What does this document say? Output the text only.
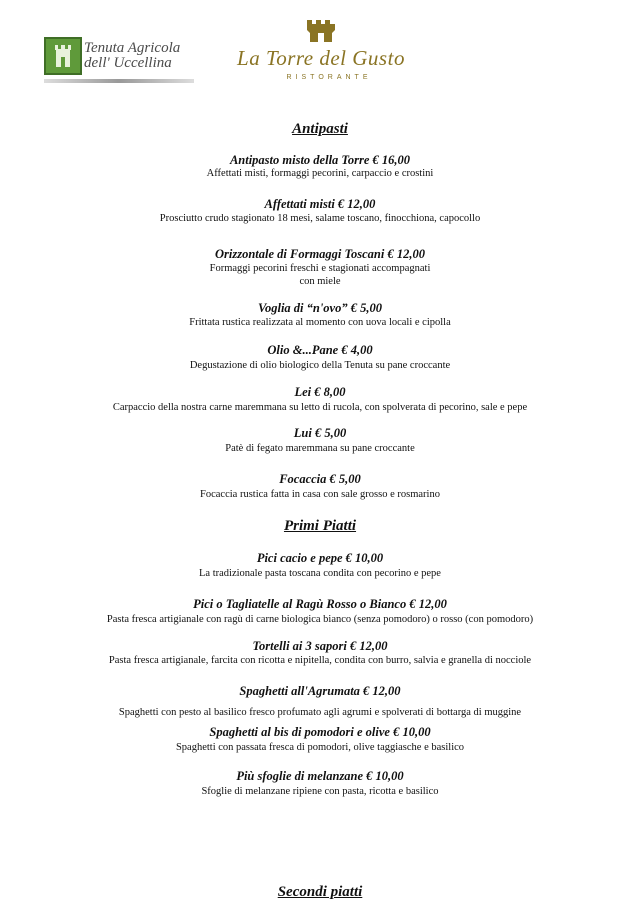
Tenuta Agricola dell' Uccellina	La Torre del Gusto
RISTORANTE
Antipasti
Antipasto misto della Torre € 16,00
Affettati misti, formaggi pecorini, carpaccio e crostini
Affettati misti € 12,00
Prosciutto crudo stagionato 18 mesi, salame toscano, finocchiona, capocollo
Orizzontale di Formaggi Toscani € 12,00
Formaggi pecorini freschi e stagionati accompagnati
con miele
Voglia di “n'ovo” € 5,00
Frittata rustica realizzata al momento con uova locali e cipolla
Olio &...Pane € 4,00
Degustazione di olio biologico della Tenuta su pane croccante
Lei € 8,00
Carpaccio della nostra carne maremmana su letto di rucola, con spolverata di pecorino, sale e pepe
Lui € 5,00
Patè di fegato maremmana su pane croccante
Focaccia € 5,00
Focaccia rustica fatta in casa con sale grosso e rosmarino
Primi Piatti
Pici cacio e pepe € 10,00
La tradizionale pasta toscana condita con pecorino e pepe
Pici o Tagliatelle al Ragù Rosso o Bianco € 12,00
Pasta fresca artigianale con ragù di carne biologica bianco (senza pomodoro) o rosso (con pomodoro)
Tortelli ai 3 sapori € 12,00
Pasta fresca artigianale, farcita con ricotta e nipitella, condita con burro, salvia e granella di nocciole
Spaghetti all'Agrumata € 12,00
Spaghetti con pesto al basilico fresco profumato agli agrumi e spolverati di bottarga di muggine
Spaghetti al bis di pomodori e olive € 10,00
Spaghetti con passata fresca di pomodori, olive taggiasche e basilico
Più sfoglie di melanzane € 10,00
Sfoglie di melanzane ripiene con pasta, ricotta e basilico
Secondi piatti
